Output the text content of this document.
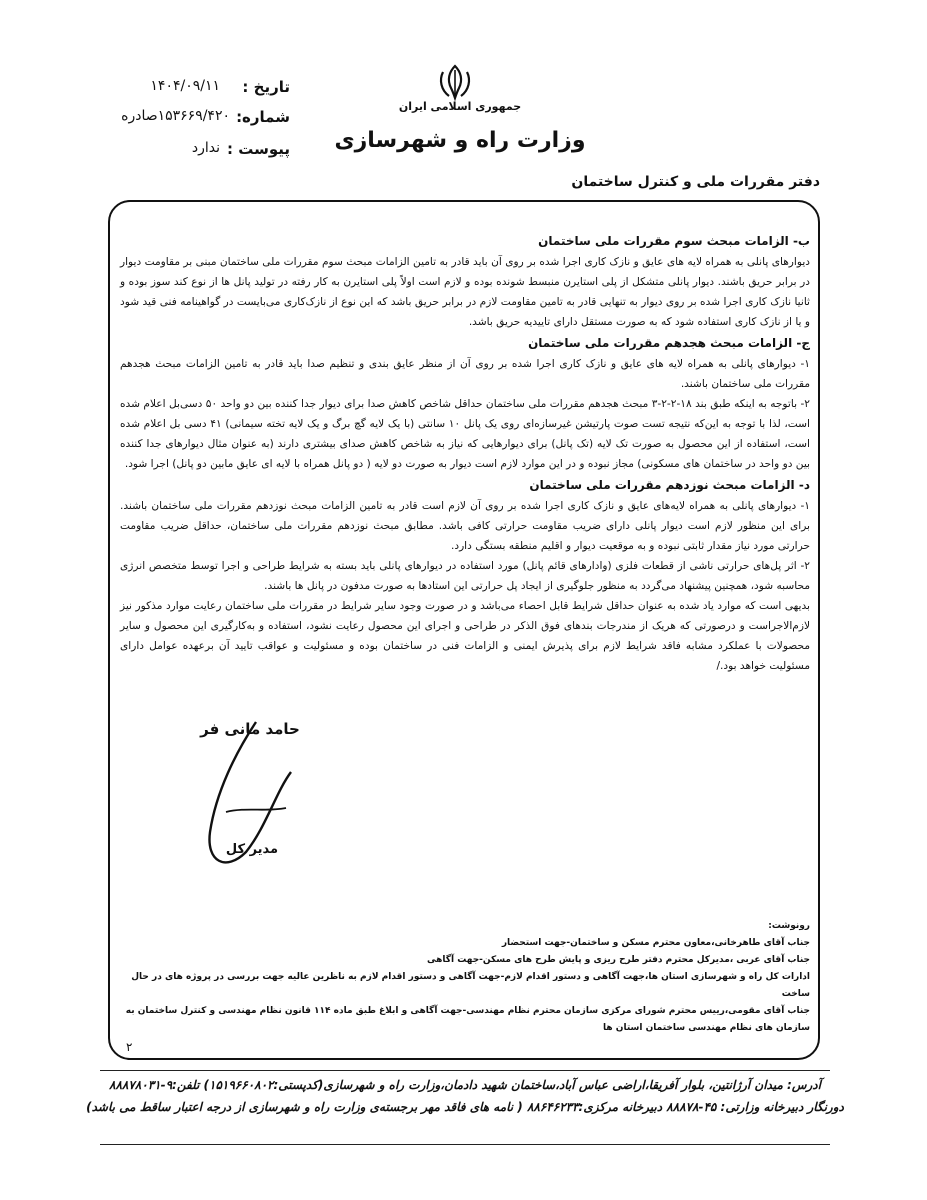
جمهوری اسلامی ایران
وزارت راه و شهرسازی
تاریخ :
۱۴۰۴/۰۹/۱۱
شماره:
۱۵۳۶۶۹/۴۲۰صادره
پیوست :
ندارد
دفتر مقررات ملی و کنترل ساختمان
ب- الزامات مبحث سوم مقررات ملی ساختمان

دیوارهای پانلی به همراه لایه های عایق و نازک کاری اجرا شده بر روی آن باید قادر به تامین الزامات مبحث سوم مقررات ملی ساختمان مبنی بر مقاومت دیوار در برابر حریق باشند. دیوار پانلی متشکل از پلی استایرن منبسط شونده بوده و لازم است اولاً پلی استایرن به کار رفته در تولید پانل ها از نوع کند سوز بوده و ثانیا نازک کاری اجرا شده بر روی دیوار به تنهایی قادر به تامین مقاومت لازم در برابر حریق باشد که این نوع از نازک‌کاری می‌بایست در گواهینامه فنی قید شود و یا از نازک کاری استفاده شود که به صورت مستقل دارای تاییدیه حریق باشد.

ج- الزامات مبحث هجدهم مقررات ملی ساختمان

۱- دیوارهای پانلی به همراه لایه های عایق و نازک کاری اجرا شده بر روی آن از منظر عایق بندی و تنظیم صدا باید قادر به تامین الزامات مبحث هجدهم مقررات ملی ساختمان باشند.

۲- باتوجه به اینکه طبق بند ۱۸-۲-۲-۳ مبحث هجدهم مقررات ملی ساختمان حداقل شاخص کاهش صدا برای دیوار جدا کننده بین دو واحد ۵۰ دسی‌بل اعلام شده است، لذا با توجه به این‌که نتیجه تست صوت پارتیشن غیرسازه‌ای روی یک پانل ۱۰ سانتی (با یک لایه گچ برگ و یک لایه تخته سیمانی) ۴۱ دسی بل اعلام شده است، استفاده از این محصول به صورت تک لایه (تک پانل) برای دیوارهایی که نیاز به شاخص کاهش صدای بیشتری دارند (به عنوان مثال دیوارهای جدا کننده بین دو واحد در ساختمان های مسکونی) مجاز نبوده و در این موارد لازم است دیوار به صورت دو لایه ( دو پانل همراه با لایه ای عایق مابین دو پانل) اجرا شود.

د- الزامات مبحث نوزدهم مقررات ملی ساختمان

۱- دیوارهای پانلی به همراه لایه‌های عایق و نازک کاری اجرا شده بر روی آن لازم است قادر به تامین الزامات مبحث نوزدهم مقررات ملی ساختمان باشند. برای این منظور لازم است دیوار پانلی دارای ضریب مقاومت حرارتی کافی باشد. مطابق مبحث نوزدهم مقررات ملی ساختمان، حداقل ضریب مقاومت حرارتی مورد نیاز مقدار ثابتی نبوده و به موقعیت دیوار و اقلیم منطقه بستگی دارد.

۲- اثر پل‌های حرارتی ناشی از قطعات فلزی (وادارهای قائم پانل) مورد استفاده در دیوارهای پانلی باید بسته به شرایط طراحی و اجرا توسط متخصص انرژی محاسبه شود، همچنین پیشنهاد می‌گردد به منظور جلوگیری از ایجاد پل حرارتی این استادها به صورت مدفون در پانل ها باشند.

بدیهی است که موارد یاد شده به عنوان حداقل شرایط قابل احصاء می‌باشد و در صورت وجود سایر شرایط در مقررات ملی ساختمان رعایت موارد مذکور نیز لازم‌الاجراست و درصورتی که هریک از مندرجات بندهای فوق الذکر در طراحی و اجرای این محصول رعایت نشود، استفاده و به‌کارگیری این محصول و سایر محصولات با عملکرد مشابه فاقد شرایط لازم برای پذیرش ایمنی و الزامات فنی در ساختمان بوده و مسئولیت و عواقب تایید آن برعهده عوامل دارای مسئولیت خواهد بود./

حامد مانی فر
مدیر کل

رونوشت:

جناب آقای طاهرخانی،معاون محترم مسکن و ساختمان-جهت استحضار

جناب آقای عربی ،مدیرکل محترم دفتر طرح ریزی و پایش طرح های مسکن-جهت آگاهی

ادارات کل راه و شهرسازی استان ها،جهت آگاهی و دستور اقدام لازم-جهت آگاهی و دستور اقدام لازم به ناظرین عالیه جهت بررسی در پروژه های در حال ساخت

جناب آقای مقومی،رییس محترم شورای مرکزی سازمان محترم نظام مهندسی-جهت آگاهی و ابلاغ طبق ماده ۱۱۴ قانون نظام مهندسی و کنترل ساختمان به سازمان های نظام مهندسی ساختمان استان ها

۲
آدرس: میدان آرژانتین، بلوار آفریقا،اراضی عباس آباد،ساختمان شهید دادمان،وزارت راه و شهرسازی(کدپستی:۱۵۱۹۶۶۰۸۰۲) تلفن:۹-۸۸۸۷۸۰۳۱
دورنگار دبیرخانه وزارتی: ۴۵-۸۸۸۷۸ دبیرخانه مرکزی:۸۸۶۴۶۲۳۳ ( نامه های فاقد مهر برجسته‌ی وزارت راه و شهرسازی از درجه اعتبار ساقط می باشد)
